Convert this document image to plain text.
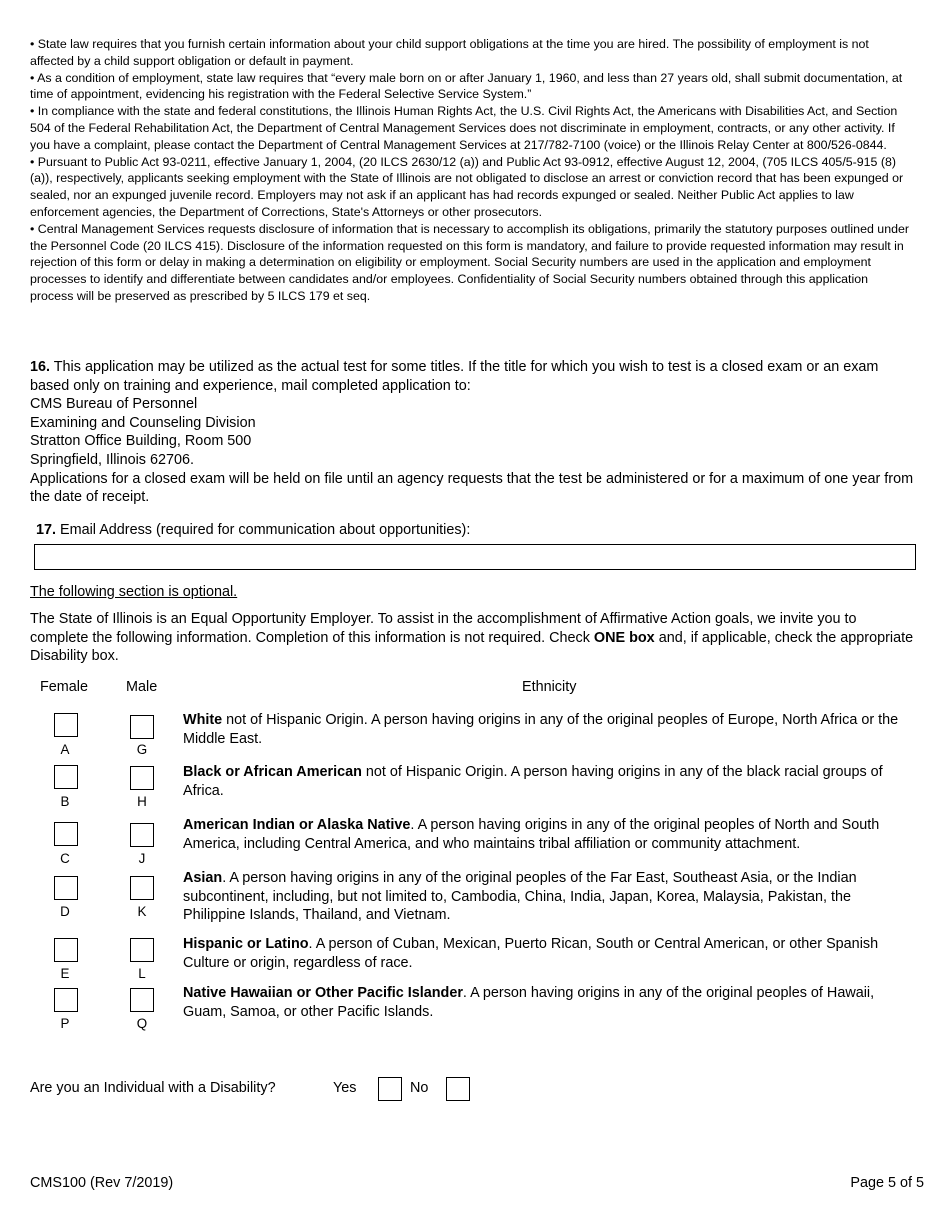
• State law requires that you furnish certain information about your child support obligations at the time you are hired. The possibility of employment is not affected by a child support obligation or default in payment.

• As a condition of employment, state law requires that “every male born on or after January 1, 1960, and less than 27 years old, shall submit documentation, at time of appointment, evidencing his registration with the Federal Selective Service System.”

• In compliance with the state and federal constitutions, the Illinois Human Rights Act, the U.S. Civil Rights Act, the Americans with Disabilities Act, and Section 504 of the Federal Rehabilitation Act, the Department of Central Management Services does not discriminate in employment, contracts, or any other activity. If you have a complaint, please contact the Department of Central Management Services at 217/782-7100 (voice) or the Illinois Relay Center at 800/526-0844.

• Pursuant to Public Act 93-0211, effective January 1, 2004, (20 ILCS 2630/12 (a)) and Public Act 93-0912, effective August 12, 2004, (705 ILCS 405/5-915 (8)(a)), respectively, applicants seeking employment with the State of Illinois are not obligated to disclose an arrest or conviction record that has been expunged or sealed, nor an expunged juvenile record. Employers may not ask if an applicant has had records expunged or sealed. Neither Public Act applies to law enforcement agencies, the Department of Corrections, State's Attorneys or other prosecutors.

• Central Management Services requests disclosure of information that is necessary to accomplish its obligations, primarily the statutory purposes outlined under the Personnel Code (20 ILCS 415). Disclosure of the information requested on this form is mandatory, and failure to provide requested information may result in rejection of this form or delay in making a determination on eligibility or employment. Social Security numbers are used in the application and employment processes to identify and differentiate between candidates and/or employees. Confidentiality of Social Security numbers obtained through this application process will be preserved as prescribed by 5 ILCS 179 et seq.

16. This application may be utilized as the actual test for some titles. If the title for which you wish to test is a closed exam or an exam based only on training and experience, mail completed application to:

CMS Bureau of Personnel

Examining and Counseling Division

Stratton Office Building, Room 500

Springfield, Illinois 62706.

Applications for a closed exam will be held on file until an agency requests that the test be administered or for a maximum of one year from the date of receipt.

17. Email Address (required for communication about opportunities):
The following section is optional.
The State of Illinois is an Equal Opportunity Employer. To assist in the accomplishment of Affirmative Action goals, we invite you to complete the following information. Completion of this information is not required. Check ONE box and, if applicable, check the appropriate Disability box.
Female	Male	Ethnicity
A	G
White not of Hispanic Origin. A person having origins in any of the original peoples of Europe, North Africa or the Middle East.
B	H
Black or African American not of Hispanic Origin. A person having origins in any of the black racial groups of Africa.
C	J
American Indian or Alaska Native. A person having origins in any of the original peoples of North and South America, including Central America, and who maintains tribal affiliation or community attachment.
D	K
Asian. A person having origins in any of the original peoples of the Far East, Southeast Asia, or the Indian subcontinent, including, but not limited to, Cambodia, China, India, Japan, Korea, Malaysia, Pakistan, the Philippine Islands, Thailand, and Vietnam.
E	L
Hispanic or Latino. A person of Cuban, Mexican, Puerto Rican, South or Central American, or other Spanish Culture or origin, regardless of race.
P	Q
Native Hawaiian or Other Pacific Islander. A person having origins in any of the original peoples of Hawaii, Guam, Samoa, or other Pacific Islands.
Are you an Individual with a Disability?	Yes	No
CMS100 (Rev 7/2019)	Page 5 of 5
